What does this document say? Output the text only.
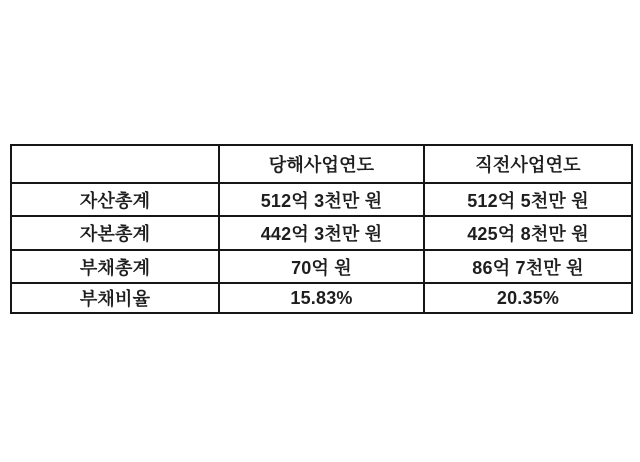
	당해사업연도	직전사업연도
자산총계	512억 3천만 원	512억 5천만 원
자본총계	442억 3천만 원	425억 8천만 원
부채총계	70억 원	86억 7천만 원
부채비율	15.83%	20.35%
